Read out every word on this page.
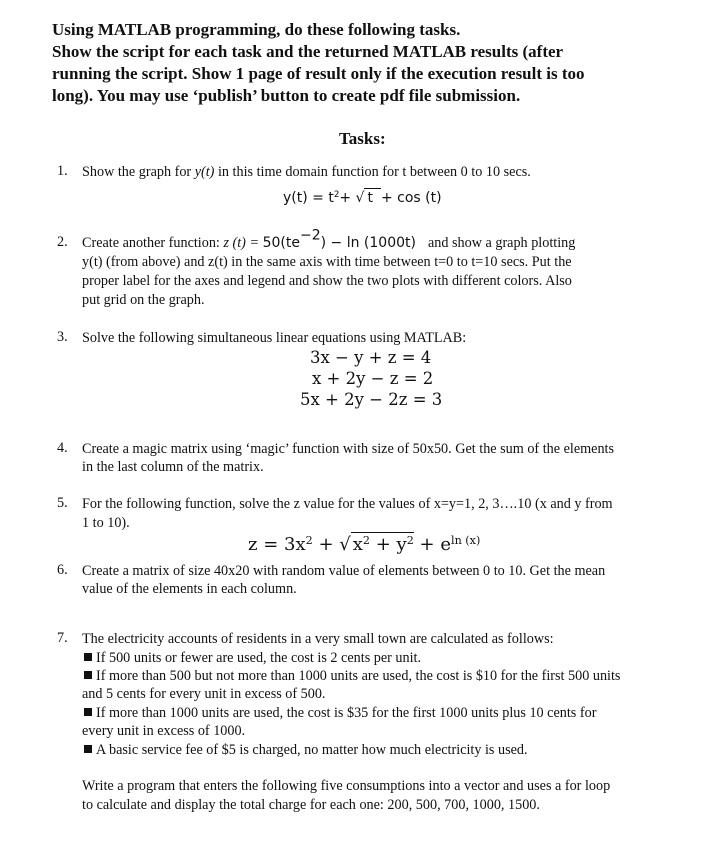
Using MATLAB programming, do these following tasks.
Show the script for each task and the returned MATLAB results (after
running the script. Show 1 page of result only if the execution result is too
long). You may use ‘publish’ button to create pdf file submission.
Tasks:
1. Show the graph for y(t) in this time domain function for t between 0 to 10 secs.
$y(t) = t^2+$ √ t + cos (t)
2. Create another function: z $(t) = 50(te^{-2}) - \ln (1000t)$ and show a graph plotting
y(t) (from above) and z(t) in the same axis with time between t=0 to t=10 secs. Put the
proper label for the axes and legend and show the two plots with different colors. Also
put grid on the graph.
3. Solve the following simultaneous linear equations using MATLAB:
3x − y + z = 4
x + 2y − z = 2
5x + 2y − 2z = 3
4. Create a magic matrix using ‘magic’ function with size of 50x50. Get the sum of the elements
in the last column of the matrix.
5. For the following function, solve the z value for the values of x=y=1, 2, 3….10 (x and y from
1 to 10).
$z = 3x^2$ + √ $x^2 + y^2 + e^{ln (x)}$
6. Create a matrix of size 40x20 with random value of elements between 0 to 10. Get the mean
value of the elements in each column.
7. The electricity accounts of residents in a very small town are calculated as follows:
If 500 units or fewer are used, the cost is 2 cents per unit.
If more than 500 but not more than 1000 units are used, the cost is $10 for the first 500 units
and 5 cents for every unit in excess of 500.
If more than 1000 units are used, the cost is $35 for the first 1000 units plus 10 cents for
every unit in excess of 1000.
A basic service fee of $5 is charged, no matter how much electricity is used.
Write a program that enters the following five consumptions into a vector and uses a for loop
to calculate and display the total charge for each one: 200, 500, 700, 1000, 1500.
